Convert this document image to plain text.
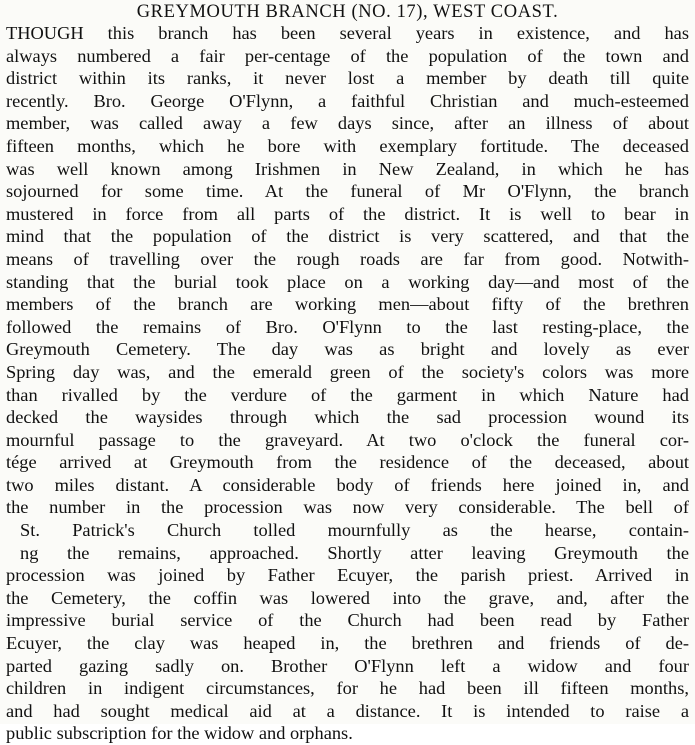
GREYMOUTH BRANCH (NO. 17), WEST COAST.
THOUGH this branch has been several years in existence, and has
always numbered a fair per-centage of the population of the town and
district within its ranks, it never lost a member by death till quite
recently. Bro. George O'Flynn, a faithful Christian and much-esteemed
member, was called away a few days since, after an illness of about
fifteen months, which he bore with exemplary fortitude. The deceased
was well known among Irishmen in New Zealand, in which he has
sojourned for some time. At the funeral of Mr O'Flynn, the branch
mustered in force from all parts of the district. It is well to bear in
mind that the population of the district is very scattered, and that the
means of travelling over the rough roads are far from good. Notwith-
standing that the burial took place on a working day—and most of the
members of the branch are working men—about fifty of the brethren
followed the remains of Bro. O'Flynn to the last resting-place, the
Greymouth Cemetery. The day was as bright and lovely as ever
Spring day was, and the emerald green of the society's colors was more
than rivalled by the verdure of the garment in which Nature had
decked the waysides through which the sad procession wound its
mournful passage to the graveyard. At two o'clock the funeral cor-
tége arrived at Greymouth from the residence of the deceased, about
two miles distant. A considerable body of friends here joined in, and
the number in the procession was now very considerable. The bell of
St. Patrick's Church tolled mournfully as the hearse, contain-
ng the remains, approached. Shortly atter leaving Greymouth the
procession was joined by Father Ecuyer, the parish priest. Arrived in
the Cemetery, the coffin was lowered into the grave, and, after the
impressive burial service of the Church had been read by Father
Ecuyer, the clay was heaped in, the brethren and friends of de-
parted gazing sadly on. Brother O'Flynn left a widow and four
children in indigent circumstances, for he had been ill fifteen months,
and had sought medical aid at a distance. It is intended to raise a
public subscription for the widow and orphans.
